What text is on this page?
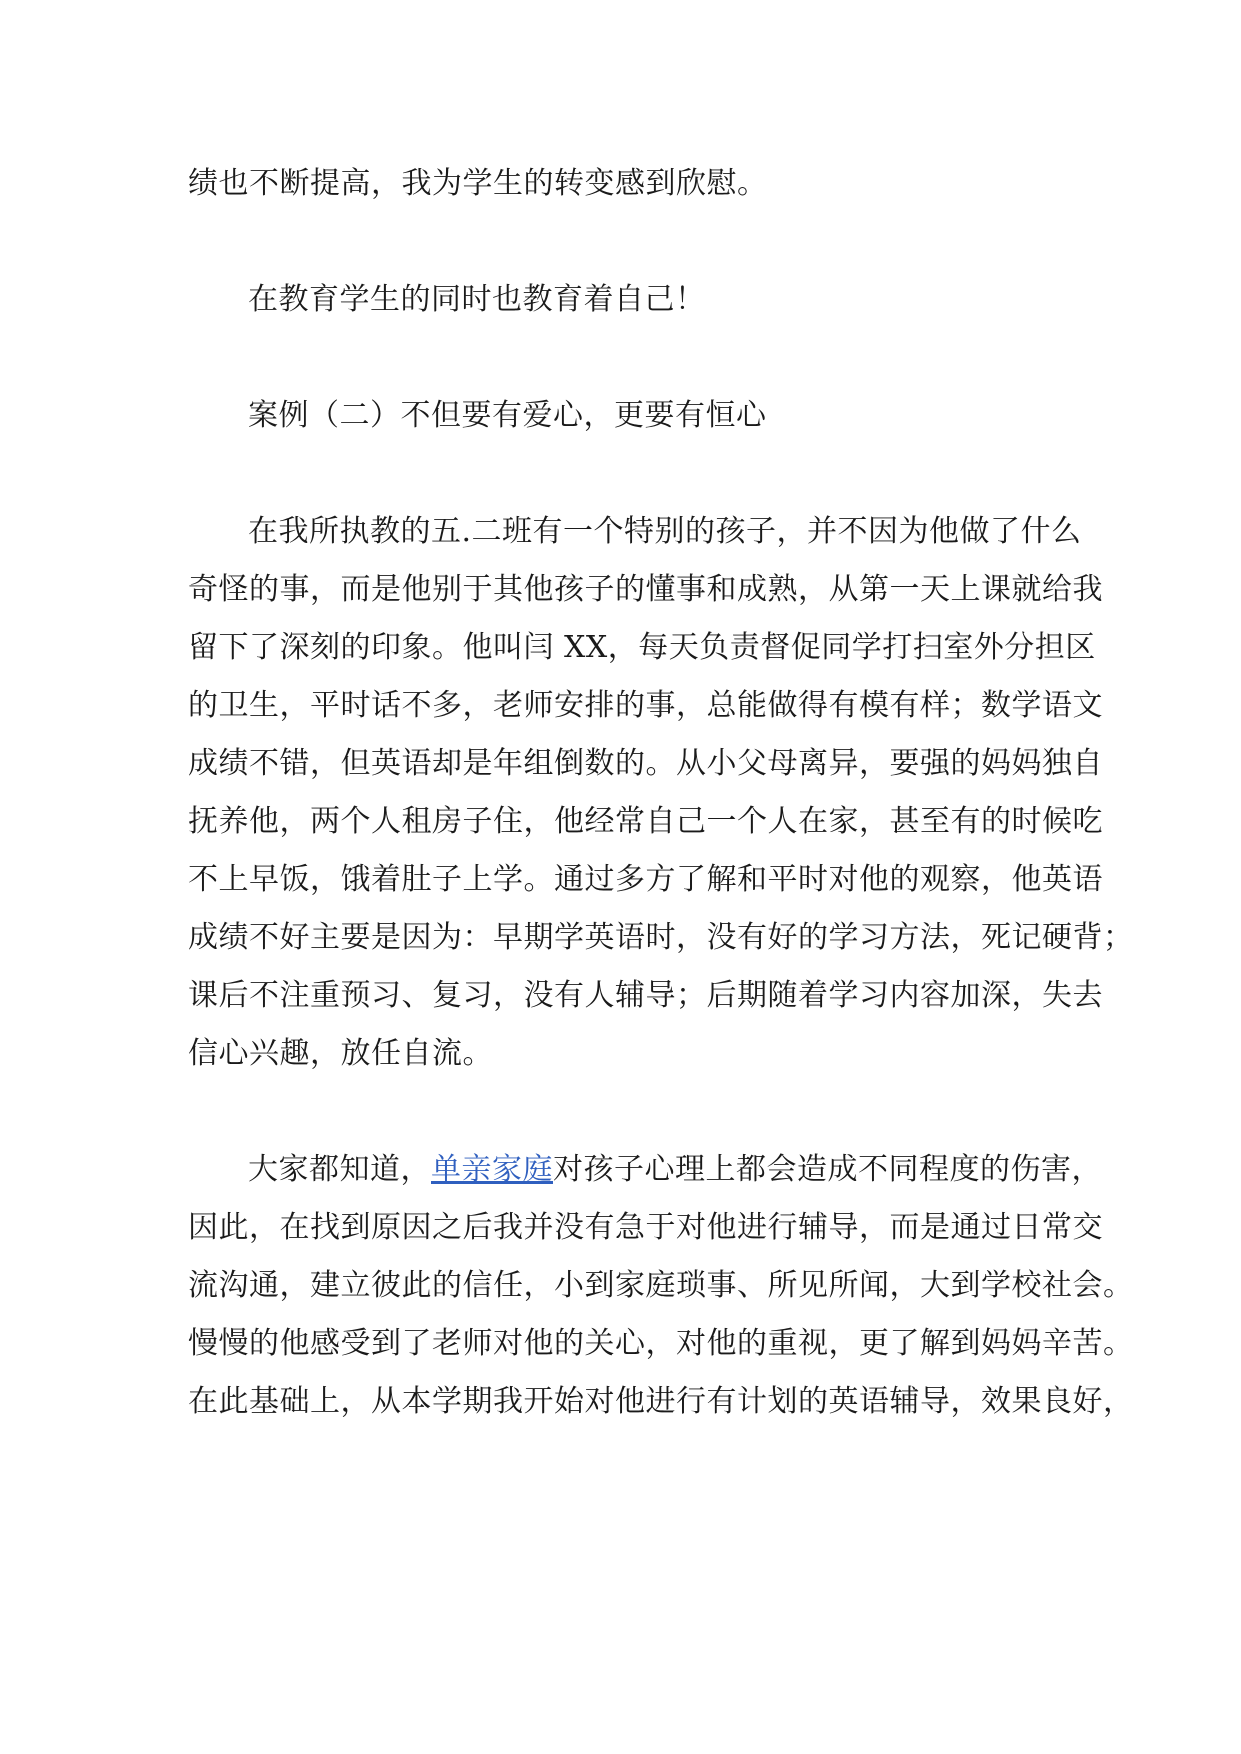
绩也不断提高，我为学生的转变感到欣慰。
在教育学生的同时也教育着自己！
案例（二）不但要有爱心，更要有恒心
在我所执教的五.二班有一个特别的孩子，并不因为他做了什么
奇怪的事，而是他别于其他孩子的懂事和成熟，从第一天上课就给我
留下了深刻的印象。他叫闫 XX，每天负责督促同学打扫室外分担区
的卫生，平时话不多，老师安排的事，总能做得有模有样；数学语文
成绩不错，但英语却是年组倒数的。从小父母离异，要强的妈妈独自
抚养他，两个人租房子住，他经常自己一个人在家，甚至有的时候吃
不上早饭，饿着肚子上学。通过多方了解和平时对他的观察，他英语
成绩不好主要是因为：早期学英语时，没有好的学习方法，死记硬背；
课后不注重预习、复习，没有人辅导；后期随着学习内容加深，失去
信心兴趣，放任自流。
大家都知道，单亲家庭对孩子心理上都会造成不同程度的伤害，
因此，在找到原因之后我并没有急于对他进行辅导，而是通过日常交
流沟通，建立彼此的信任，小到家庭琐事、所见所闻，大到学校社会。
慢慢的他感受到了老师对他的关心，对他的重视，更了解到妈妈辛苦。
在此基础上，从本学期我开始对他进行有计划的英语辅导，效果良好，
